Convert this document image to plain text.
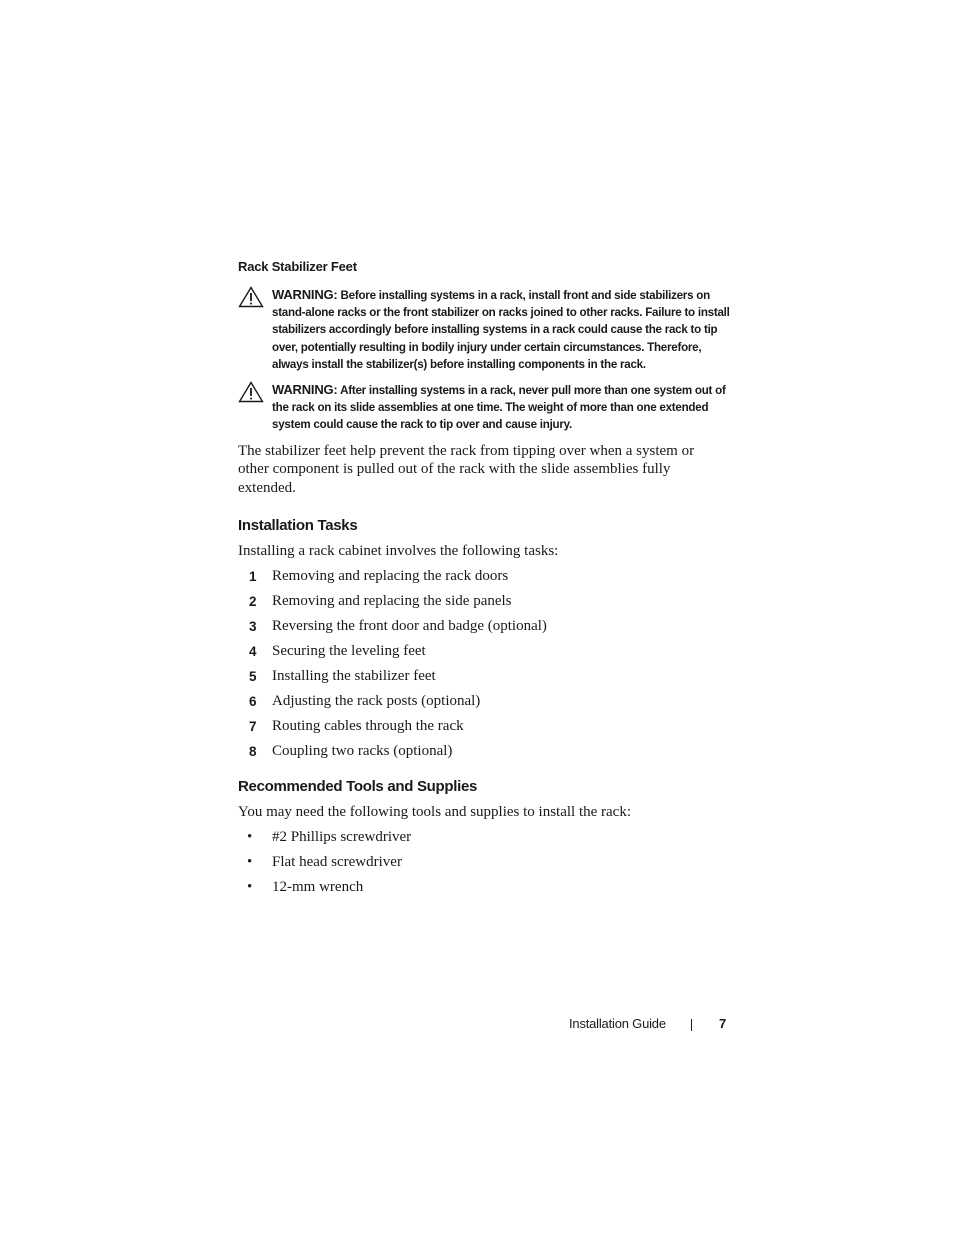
Rack Stabilizer Feet
WARNING: Before installing systems in a rack, install front and side stabilizers on stand-alone racks or the front stabilizer on racks joined to other racks. Failure to install stabilizers accordingly before installing systems in a rack could cause the rack to tip over, potentially resulting in bodily injury under certain circumstances. Therefore, always install the stabilizer(s) before installing components in the rack.
WARNING: After installing systems in a rack, never pull more than one system out of the rack on its slide assemblies at one time. The weight of more than one extended system could cause the rack to tip over and cause injury.

The stabilizer feet help prevent the rack from tipping over when a system or other component is pulled out of the rack with the slide assemblies fully extended.

Installation Tasks

Installing a rack cabinet involves the following tasks:

1 Removing and replacing the rack doors
2 Removing and replacing the side panels
3 Reversing the front door and badge (optional)
4 Securing the leveling feet
5 Installing the stabilizer feet
6 Adjusting the rack posts (optional)
7 Routing cables through the rack
8 Coupling two racks (optional)
Recommended Tools and Supplies

You may need the following tools and supplies to install the rack:

• #2 Phillips screwdriver
• Flat head screwdriver
• 12-mm wrench
Installation Guide	7
